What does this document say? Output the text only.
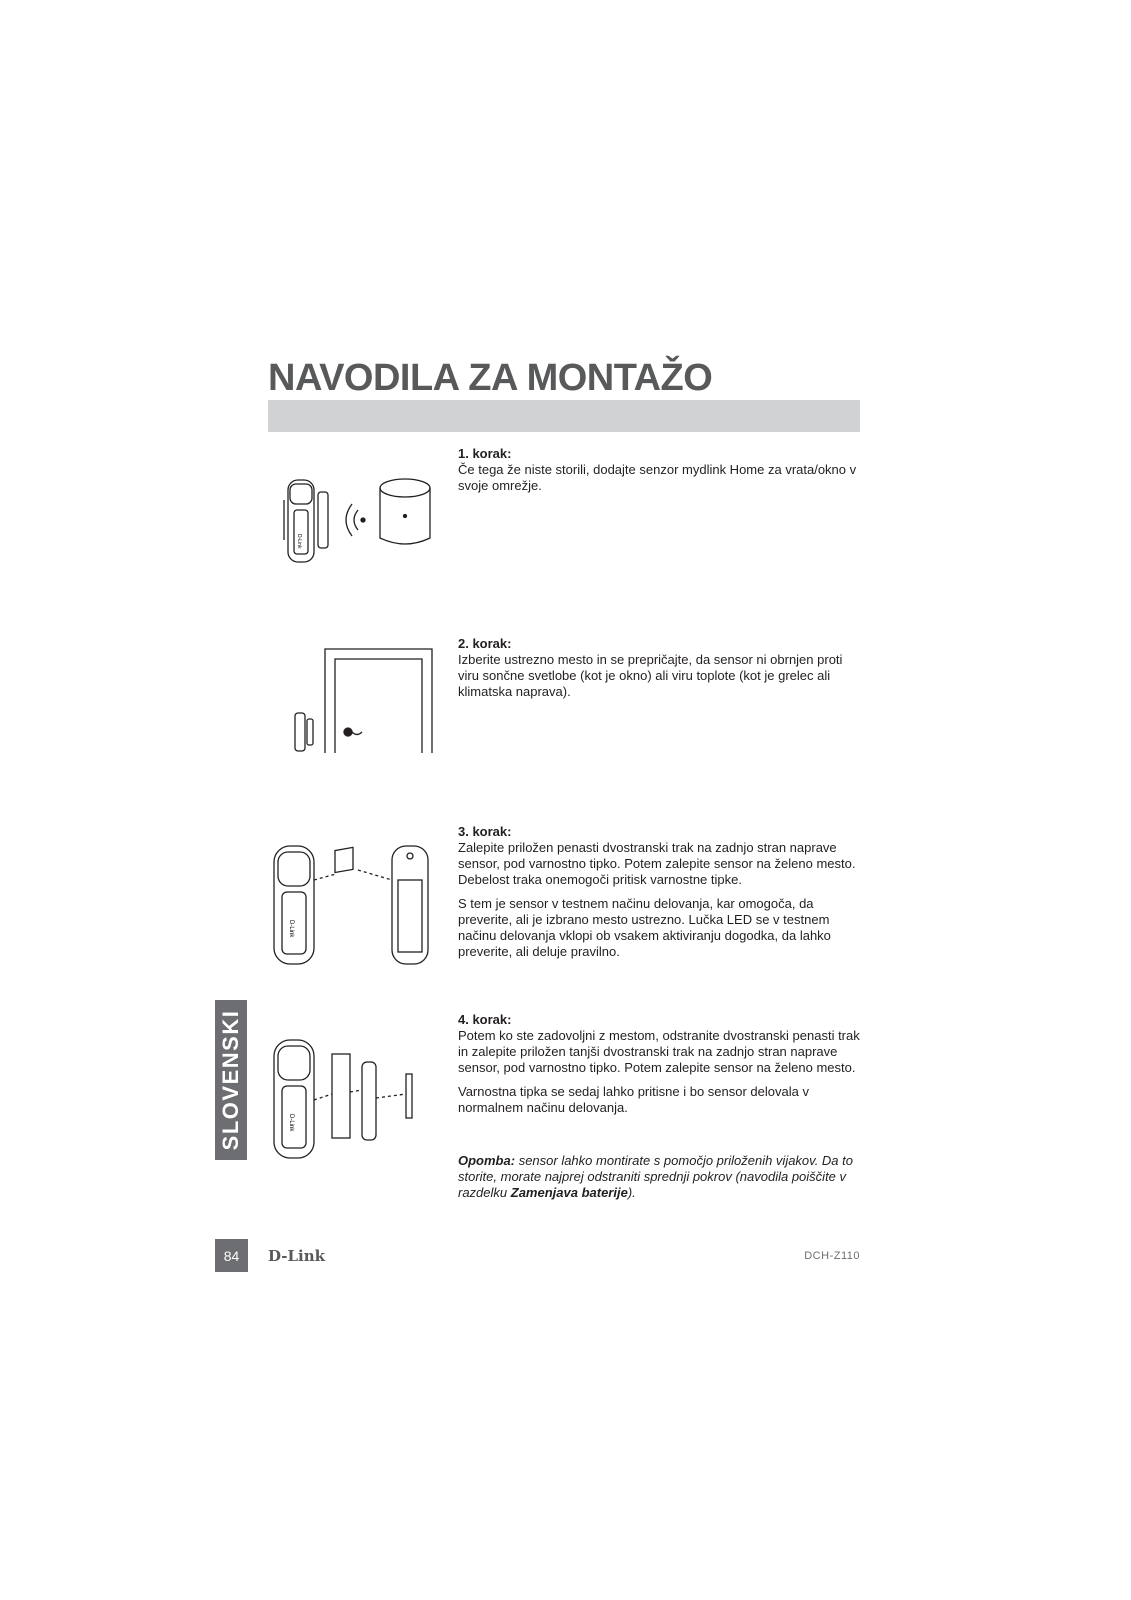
NAVODILA ZA MONTAŽO

1. korak:
Če tega že niste storili, dodajte senzor mydlink Home za vrata/okno v svoje omrežje.

D-Link

2. korak:
Izberite ustrezno mesto in se prepričajte, da sensor ni obrnjen proti viru sončne svetlobe (kot je okno) ali viru toplote (kot je grelec ali klimatska naprava).

3. korak:
Zalepite priložen penasti dvostranski trak na zadnjo stran naprave sensor, pod varnostno tipko. Potem zalepite sensor na želeno mesto. Debelost traka onemogoči pritisk varnostne tipke.

S tem je sensor v testnem načinu delovanja, kar omogoča, da preverite, ali je izbrano mesto ustrezno. Lučka LED se v testnem načinu delovanja vklopi ob vsakem aktiviranju dogodka, da lahko preverite, ali deluje pravilno.

D-Link

4. korak:
Potem ko ste zadovoljni z mestom, odstranite dvostranski penasti trak in zalepite priložen tanjši dvostranski trak na zadnjo stran naprave sensor, pod varnostno tipko. Potem zalepite sensor na želeno mesto.

Varnostna tipka se sedaj lahko pritisne i bo sensor delovala v normalnem načinu delovanja.

D-Link
Opomba: sensor lahko montirate s pomočjo priloženih vijakov. Da to storite, morate najprej odstraniti sprednji pokrov (navodila poiščite v razdelku Zamenjava baterije).
SLOVENSKI
84	D-Link	DCH-Z110
